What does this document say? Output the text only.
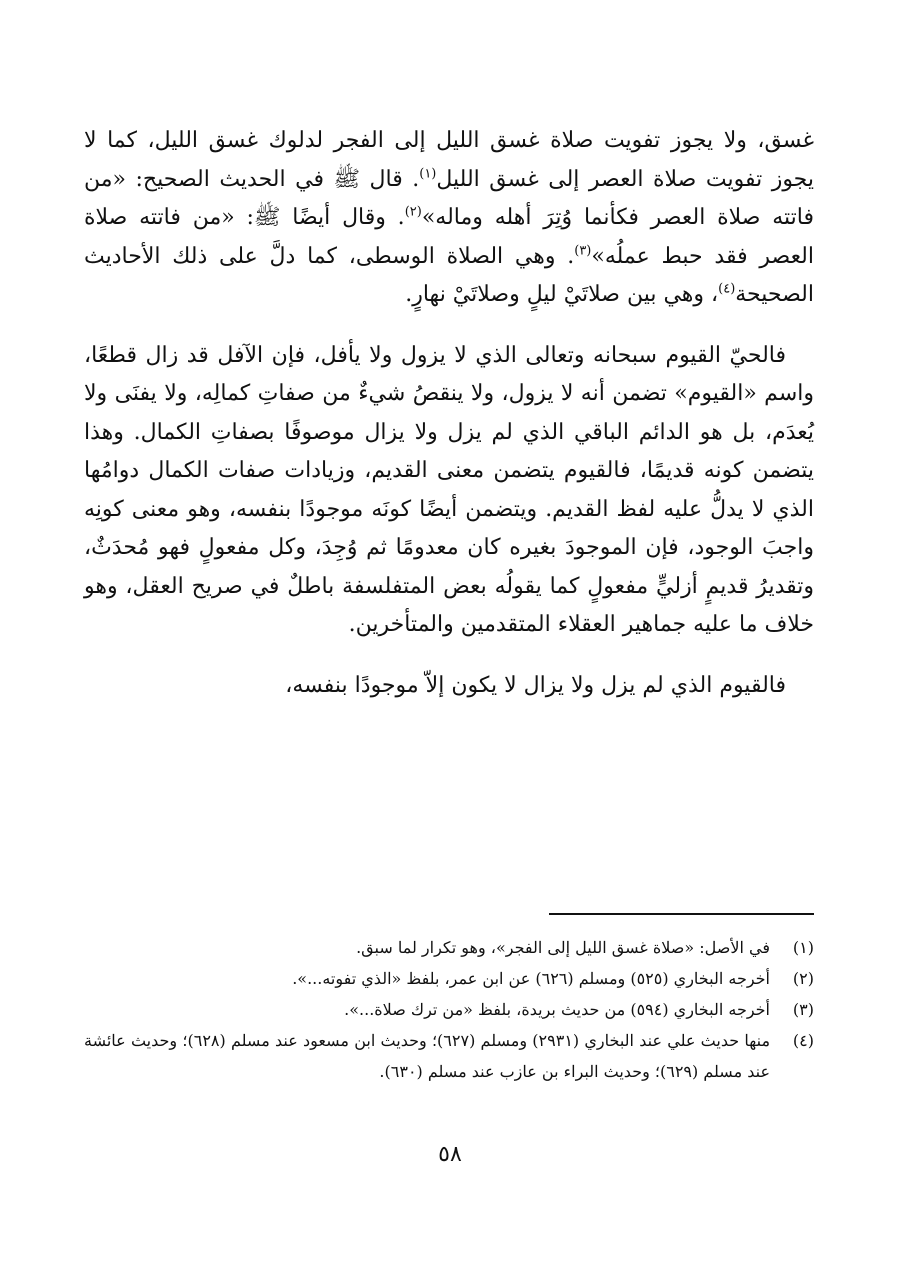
غسق، ولا يجوز تفويت صلاة غسق الليل إلى الفجر لدلوك غسق الليل، كما لا يجوز تفويت صلاة العصر إلى غسق الليل$^{(١)}$. قال ﷺ في الحديث الصحيح: «من فاتته صلاة العصر فكأنما وُتِرَ أهله وماله»$^{(٢)}$. وقال أيضًا ﷺ: «من فاتته صلاة العصر فقد حبط عملُه»$^{(٣)}$. وهي الصلاة الوسطى، كما دلَّ على ذلك الأحاديث الصحيحة$^{(٤)}$، وهي بين صلاتَيْ ليلٍ وصلاتَيْ نهارٍ.

فالحيّ القيوم سبحانه وتعالى الذي لا يزول ولا يأفل، فإن الآفل قد زال قطعًا، واسم «القيوم» تضمن أنه لا يزول، ولا ينقصُ شيءٌ من صفاتِ كمالِه، ولا يفنَى ولا يُعدَم، بل هو الدائم الباقي الذي لم يزل ولا يزال موصوفًا بصفاتِ الكمال. وهذا يتضمن كونه قديمًا، فالقيوم يتضمن معنى القديم، وزيادات صفات الكمال دوامُها الذي لا يدلُّ عليه لفظ القديم. ويتضمن أيضًا كونَه موجودًا بنفسه، وهو معنى كونِه واجبَ الوجود، فإن الموجودَ بغيره كان معدومًا ثم وُجِدَ، وكل مفعولٍ فهو مُحدَثٌ، وتقديرُ قديمٍ أزليٍّ مفعولٍ كما يقولُه بعض المتفلسفة باطلٌ في صريح العقل، وهو خلاف ما عليه جماهير العقلاء المتقدمين والمتأخرين.

فالقيوم الذي لم يزل ولا يزال لا يكون إلاّ موجودًا بنفسه،

(١)
في الأصل: «صلاة غسق الليل إلى الفجر»، وهو تكرار لما سبق.
(٢)
أخرجه البخاري (٥٢٥) ومسلم (٦٢٦) عن ابن عمر، بلفظ «الذي تفوته...».
(٣)
أخرجه البخاري (٥٩٤) من حديث بريدة، بلفظ «من ترك صلاة...».
(٤)
منها حديث علي عند البخاري (٢٩٣١) ومسلم (٦٢٧)؛ وحديث ابن مسعود عند مسلم (٦٢٨)؛ وحديث عائشة عند مسلم (٦٢٩)؛ وحديث البراء بن عازب عند مسلم (٦٣٠).
٥٨
